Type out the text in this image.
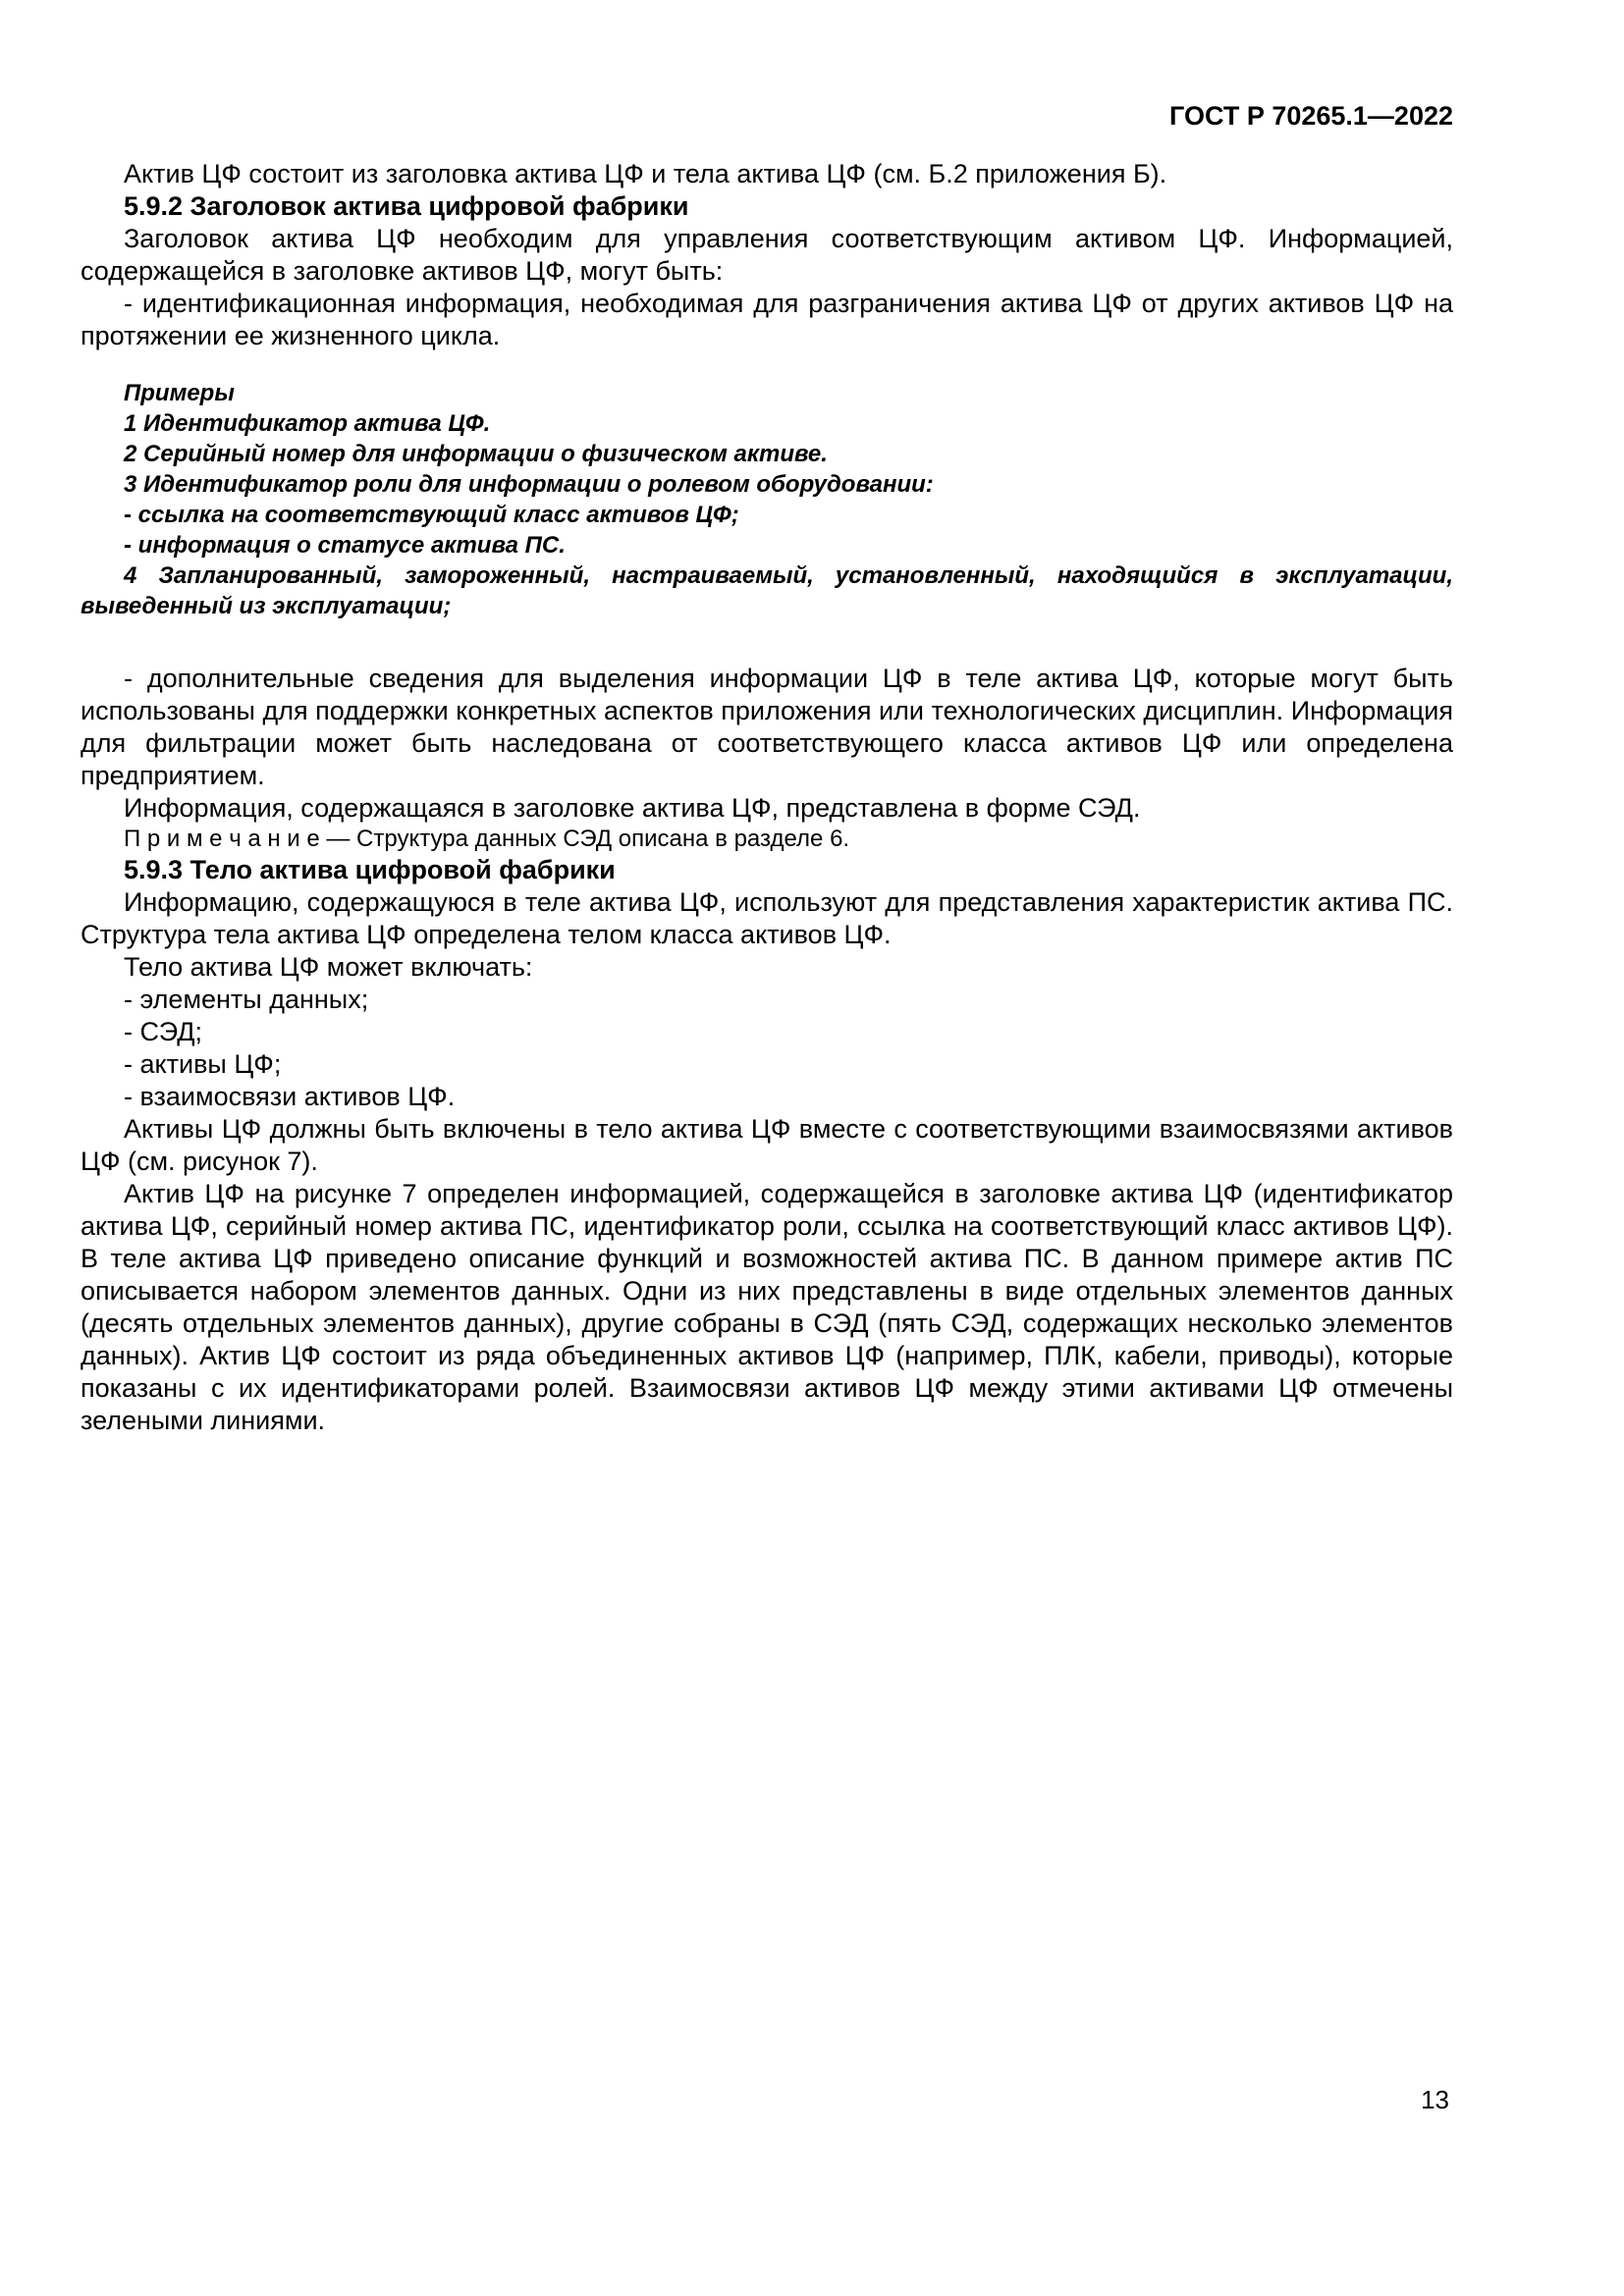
ГОСТ Р 70265.1—2022

Актив ЦФ состоит из заголовка актива ЦФ и тела актива ЦФ (см. Б.2 приложения Б).

5.9.2 Заголовок актива цифровой фабрики

Заголовок актива ЦФ необходим для управления соответствующим активом ЦФ. Информацией, содержащейся в заголовке активов ЦФ, могут быть:

- идентификационная информация, необходимая для разграничения актива ЦФ от других активов ЦФ на протяжении ее жизненного цикла.

Примеры

1 Идентификатор актива ЦФ.

2 Серийный номер для информации о физическом активе.

3 Идентификатор роли для информации о ролевом оборудовании:

- ссылка на соответствующий класс активов ЦФ;

- информация о статусе актива ПС.

4 Запланированный, замороженный, настраиваемый, установленный, находящийся в эксплуатации, выведенный из эксплуатации;

- дополнительные сведения для выделения информации ЦФ в теле актива ЦФ, которые могут быть использованы для поддержки конкретных аспектов приложения или технологических дисциплин. Информация для фильтрации может быть наследована от соответствующего класса активов ЦФ или определена предприятием.

Информация, содержащаяся в заголовке актива ЦФ, представлена в форме СЭД.

П р и м е ч а н и е — Структура данных СЭД описана в разделе 6.

5.9.3 Тело актива цифровой фабрики

Информацию, содержащуюся в теле актива ЦФ, используют для представления характеристик актива ПС. Структура тела актива ЦФ определена телом класса активов ЦФ.

Тело актива ЦФ может включать:

- элементы данных;

- СЭД;

- активы ЦФ;

- взаимосвязи активов ЦФ.

Активы ЦФ должны быть включены в тело актива ЦФ вместе с соответствующими взаимосвязями активов ЦФ (см. рисунок 7).

Актив ЦФ на рисунке 7 определен информацией, содержащейся в заголовке актива ЦФ (идентификатор актива ЦФ, серийный номер актива ПС, идентификатор роли, ссылка на соответствующий класс активов ЦФ). В теле актива ЦФ приведено описание функций и возможностей актива ПС. В данном примере актив ПС описывается набором элементов данных. Одни из них представлены в виде отдельных элементов данных (десять отдельных элементов данных), другие собраны в СЭД (пять СЭД, содержащих несколько элементов данных). Актив ЦФ состоит из ряда объединенных активов ЦФ (например, ПЛК, кабели, приводы), которые показаны с их идентификаторами ролей. Взаимосвязи активов ЦФ между этими активами ЦФ отмечены зелеными линиями.

13
